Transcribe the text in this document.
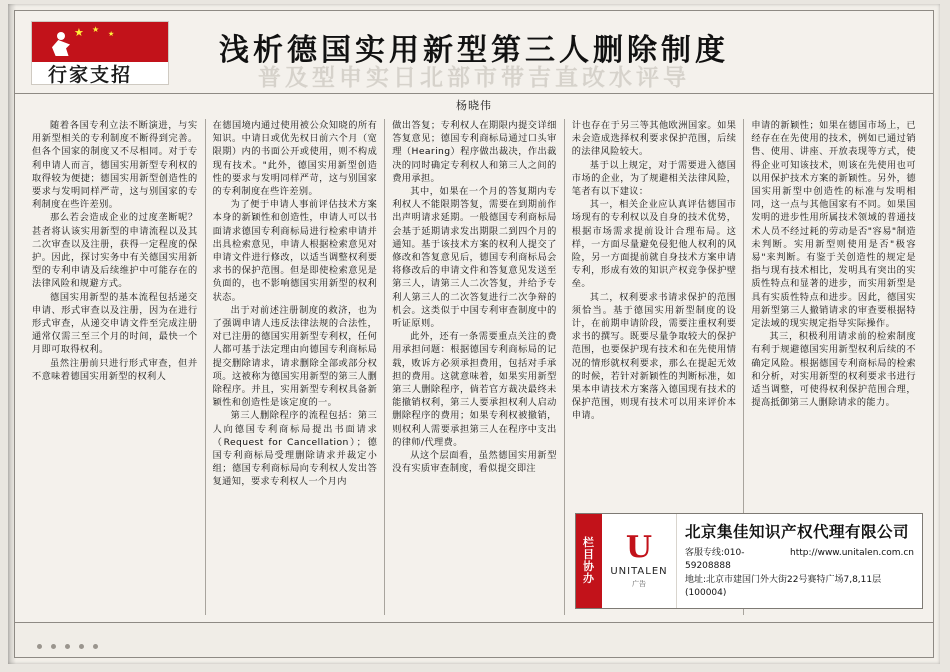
★ ★ ★
行家支招
浅析德国实用新型第三人删除制度
普及型申实日北部市带吉直改水评导
杨晓伟

随着各国专利立法不断演进，与实用新型相关的专利制度不断得到完善。但各个国家的制度又不尽相同。对于专利申请人而言，德国实用新型专利权的取得较为便捷；德国实用新型创造性的要求与发明同样严苛，这与别国家的专利制度在些许差别。

那么若会造成企业的过度垄断呢？甚者将认该实用新型的申请流程以及其二次审查以及注册，获得一定程度的保护。因此，探讨实务中有关德国实用新型的专利申请及后续维护中可能存在的法律风险和规避方式。

德国实用新型的基本流程包括递交申请、形式审查以及注册，因为在进行形式审查，从递交申请文件至完成注册通常仅需三至三个月的时间，最快一个月即可取得权利。

虽然注册前只进行形式审查，但并不意味着德国实用新型的权利人

在德国境内通过使用被公众知晓的所有知识。中请日或优先权日前六个月（宽限期）内的书面公开或使用，则不构成现有技术。"此外，德国实用新型创造性的要求与发明同样严苛，这与别国家的专利制度在些许差别。

为了便于申请人事前评估技术方案本身的新颖性和创造性，申请人可以书面请求德国专利商标局进行检索申请并出具检索意见，申请人根据检索意见对申请文件进行修改，以适当调整权利要求书的保护范围。但是即使检索意见是负面的，也不影响德国实用新型的权利状态。

出于对前述注册制度的救济，也为了强调申请人违反法律法规的合法性，对已注册的德国实用新型专利权，任何人都可基于法定理由向德国专利商标局提交删除请求，请求删除全部或部分权项。这被称为德国实用新型的第三人删除程序。并且，实用新型专利权具备新颖性和创造性是该定度的一。

第三人删除程序的流程包括：第三人向德国专利商标局提出书面请求（Request for Cancellation）；德国专利商标局受理删除请求并裁定小组；德国专利商标局向专利权人发出答复通知，要求专利权人一个月内

做出答复；专利权人在期限内提交详细答复意见；德国专利商标局通过口头审理（Hearing）程序做出裁决，作出裁决的同时确定专利权人和第三人之间的费用承担。

其中，如果在一个月的答复期内专利权人不能限期答复，需要在到期前作出声明请求延期。一般德国专利商标局会基于延期请求发出期限二到四个月的通知。基于该技术方案的权利人提交了修改和答复意见后，德国专利商标局会将修改后的申请文件和答复意见发送至第三人，请第三人二次答复，并给予专利人第三人的二次答复进行二次争辩的机会。这类似于中国专利审查制度中的听证原则。

此外，还有一条需要重点关注的费用承担问题：根据德国专利商标局的记载，败诉方必须承担费用，包括对手承担的费用。这就意味着，如果实用新型第三人删除程序，倘若官方裁决最终未能撤销权利，第三人要承担权利人启动删除程序的费用；如果专利权被撤销，则权利人需要承担第三人在程序中支出的律师/代理费。

从这个层面看，虽然德国实用新型没有实质审查制度，看似提交即注

计也存在于另三等其他欧洲国家。如果未会造成选择权利要求保护范围，后续的法律风险较大。

基于以上规定，对于需要进入德国市场的企业，为了规避相关法律风险，笔者有以下建议：

其一，相关企业应认真评估德国市场现有的专利权以及自身的技术优势，根据市场需求提前设计合理布局。这样，一方面尽量避免侵犯他人权利的风险，另一方面提前就自身技术方案申请专利，形成有效的知识产权竞争保护壁垒。

其二，权利要求书请求保护的范围须恰当。基于德国实用新型制度的设计，在前期申请阶段，需要注重权利要求书的撰写。既要尽量争取较大的保护范围，也要保护现有技术和在先使用情况的情形就权利要求，那么在提起无效的时候，若针对新颖性的判断标准，如果本申请技术方案落入德国现有技术的保护范围，则现有技术可以用来评价本申请。

申请的新颖性；如果在德国市场上，已经存在在先使用的技术，例如已通过销售、使用、讲座、开放表现等方式，使得企业可知该技术，则该在先使用也可以用保护技术方案的新颖性。另外，德国实用新型中创造性的标准与发明相同，这一点与其他国家有不同。如果国发明的进步性用所属技术领域的普通技术人员不经过耗的劳动是否"容易"制造未判断。实用新型则使用是否"极容易"来判断。有鉴于关创造性的规定是指与现有技术相比，发明具有突出的实质性特点和显著的进步，而实用新型是具有实质性特点和进步。因此，德国实用新型第三人撤销请求的审查要根据特定法域的现实规定指导实际操作。

其三，积极利用请求前的检索制度有利于规避德国实用新型权利后续的不确定风险。根据德国专利商标局的检索和分析，对实用新型的权利要求书进行适当调整，可使得权利保护范围合理，提高抵御第三人删除请求的能力。

栏目协办
U
UNITALEN
广告
北京集佳知识产权代理有限公司
客服专线:010-59208888
http://www.unitalen.com.cn
地址:北京市建国门外大街22号赛特广场7,8,11层(100004)
